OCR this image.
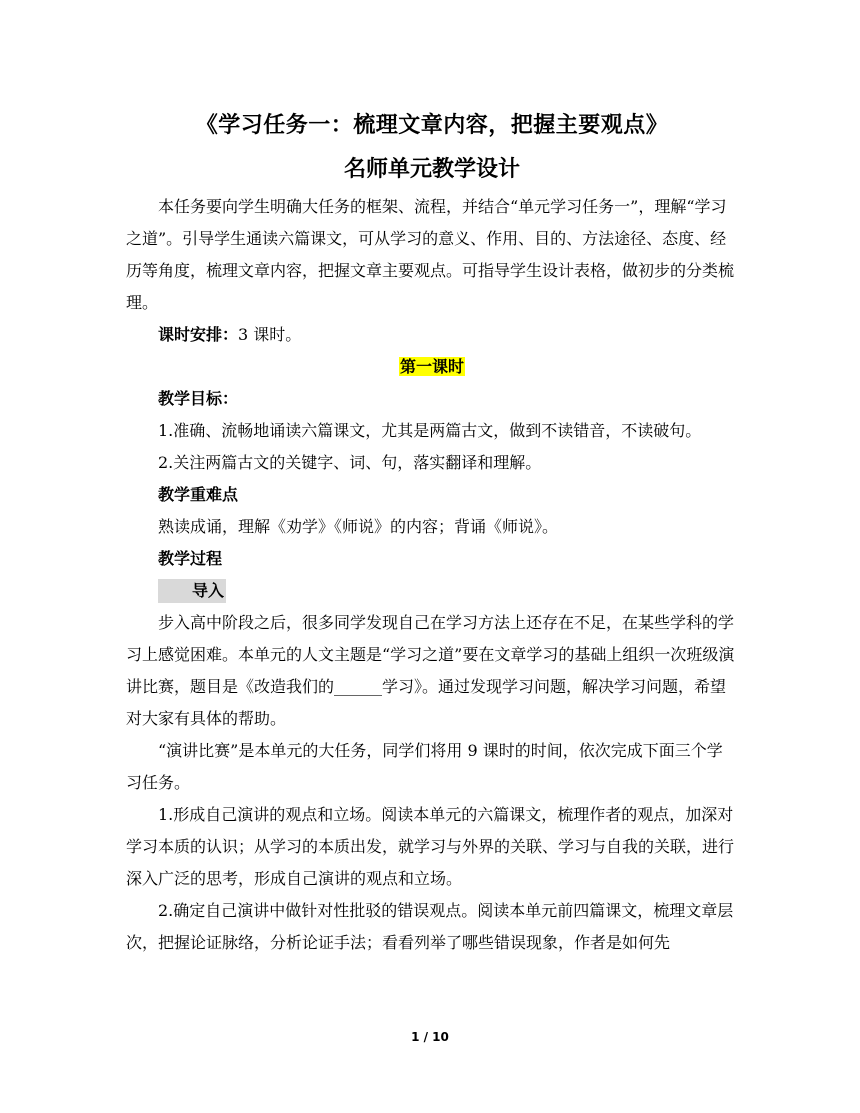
《学习任务一：梳理文章内容，把握主要观点》
名师单元教学设计

本任务要向学生明确大任务的框架、流程，并结合“单元学习任务一”，理解“学习之道”。引导学生通读六篇课文，可从学习的意义、作用、目的、方法途径、态度、经历等角度，梳理文章内容，把握文章主要观点。可指导学生设计表格，做初步的分类梳理。

课时安排：3 课时。

第一课时

教学目标：

1.准确、流畅地诵读六篇课文，尤其是两篇古文，做到不读错音，不读破句。

2.关注两篇古文的关键字、词、句，落实翻译和理解。

教学重难点

熟读成诵，理解《劝学》《师说》的内容；背诵《师说》。

教学过程

导入

步入高中阶段之后，很多同学发现自己在学习方法上还存在不足，在某些学科的学习上感觉困难。本单元的人文主题是“学习之道”要在文章学习的基础上组织一次班级演讲比赛，题目是《改造我们的______学习》。通过发现学习问题，解决学习问题，希望对大家有具体的帮助。

“演讲比赛”是本单元的大任务，同学们将用 9 课时的时间，依次完成下面三个学习任务。

1.形成自己演讲的观点和立场。阅读本单元的六篇课文，梳理作者的观点，加深对学习本质的认识；从学习的本质出发，就学习与外界的关联、学习与自我的关联，进行深入广泛的思考，形成自己演讲的观点和立场。

2.确定自己演讲中做针对性批驳的错误观点。阅读本单元前四篇课文，梳理文章层次，把握论证脉络，分析论证手法；看看列举了哪些错误现象，作者是如何先

1 / 10
